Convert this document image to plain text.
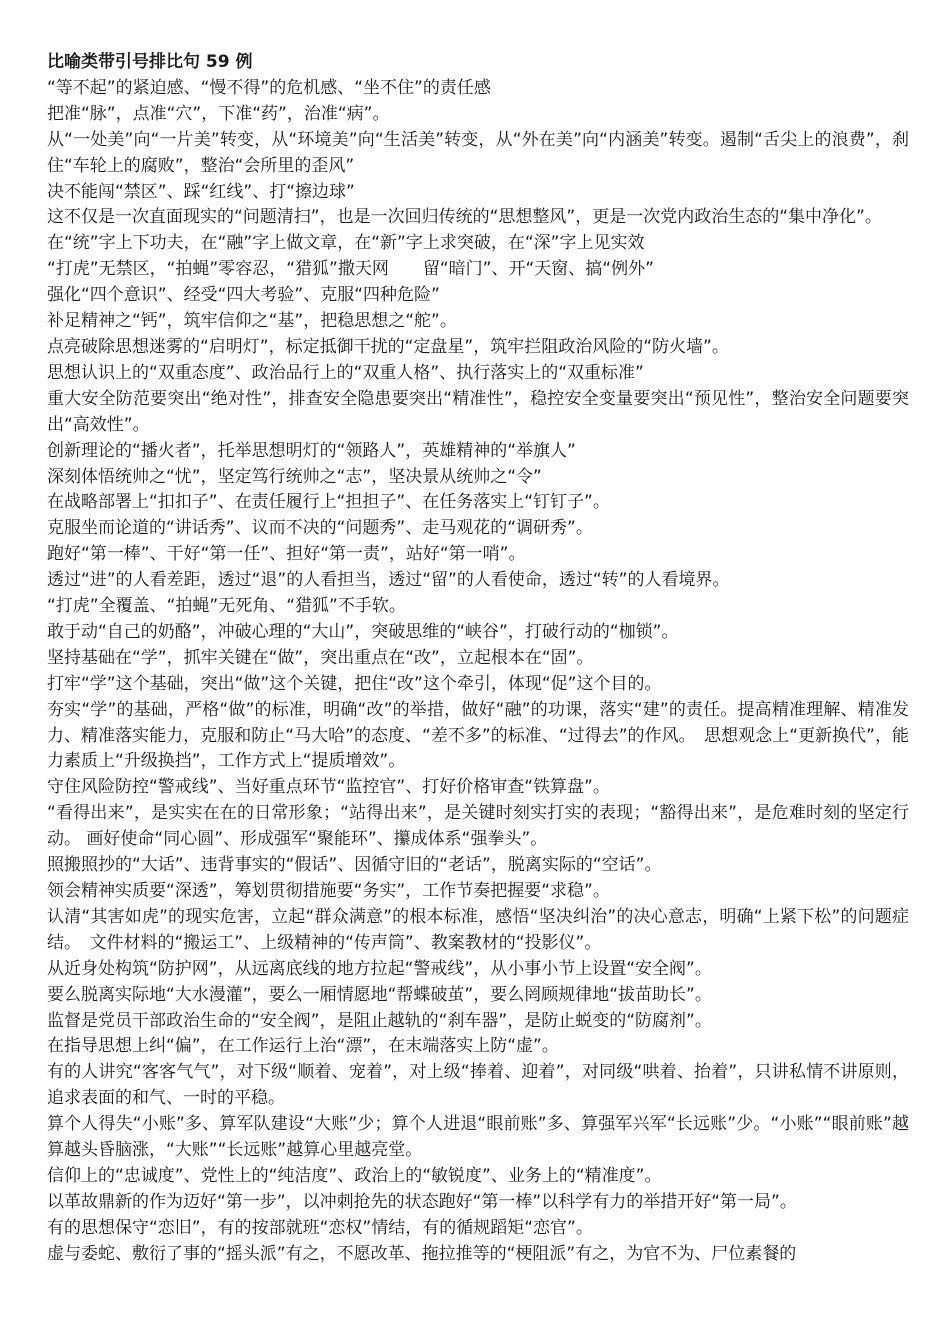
比喻类带引号排比句 59 例

“等不起”的紧迫感、“慢不得”的危机感、“坐不住”的责任感

把准“脉”，点准“穴”，下准“药”，治准“病”。

从“一处美”向“一片美”转变，从“环境美”向“生活美”转变，从“外在美”向“内涵美”转变。遏制“舌尖上的浪费”，刹住“车轮上的腐败”，整治“会所里的歪风”

决不能闯“禁区”、踩“红线”、打“擦边球”

这不仅是一次直面现实的“问题清扫”，也是一次回归传统的“思想整风”，更是一次党内政治生态的“集中净化”。

在“统”字上下功夫，在“融”字上做文章，在“新”字上求突破，在“深”字上见实效

“打虎”无禁区，“拍蝇”零容忍，“猎狐”撒天网　　留“暗门”、开“天窗、搞“例外”

强化“四个意识”、经受“四大考验”、克服“四种危险”

补足精神之“钙”，筑牢信仰之“基”，把稳思想之“舵”。

点亮破除思想迷雾的“启明灯”，标定抵御干扰的“定盘星”，筑牢拦阻政治风险的“防火墙”。

思想认识上的“双重态度”、政治品行上的“双重人格”、执行落实上的“双重标准”

重大安全防范要突出“绝对性”，排查安全隐患要突出“精准性”，稳控安全变量要突出“预见性”，整治安全问题要突出“高效性”。

创新理论的“播火者”，托举思想明灯的“领路人”，英雄精神的“举旗人”

深刻体悟统帅之“忧”，坚定笃行统帅之“志”，坚决景从统帅之“令”

在战略部署上“扣扣子”、在责任履行上“担担子”、在任务落实上“钉钉子”。

克服坐而论道的“讲话秀”、议而不决的“问题秀”、走马观花的“调研秀”。

跑好“第一棒”、干好“第一任”、担好“第一责”，站好“第一哨”。

透过“进”的人看差距，透过“退”的人看担当，透过“留”的人看使命，透过“转”的人看境界。

“打虎”全覆盖、“拍蝇”无死角、“猎狐”不手软。

敢于动“自己的奶酪”，冲破心理的“大山”，突破思维的“峡谷”，打破行动的“枷锁”。

坚持基础在“学”，抓牢关键在“做”，突出重点在“改”，立起根本在“固”。

打牢“学”这个基础，突出“做”这个关键，把住“改”这个牵引，体现“促”这个目的。

夯实“学”的基础，严格“做”的标准，明确“改”的举措，做好“融”的功课，落实“建”的责任。提高精准理解、精准发力、精准落实能力，克服和防止“马大哈”的态度、“差不多”的标准、“过得去”的作风。　思想观念上“更新换代”，能力素质上“升级换挡”，工作方式上“提质增效”。

守住风险防控“警戒线”、当好重点环节“监控官”、打好价格审查“铁算盘”。

“看得出来”，是实实在在的日常形象；“站得出来”，是关键时刻实打实的表现；“豁得出来”，是危难时刻的坚定行动。 画好使命“同心圆”、形成强军“聚能环”、攥成体系“强拳头”。

照搬照抄的“大话”、违背事实的“假话”、因循守旧的“老话”，脱离实际的“空话”。

领会精神实质要“深透”，筹划贯彻措施要“务实”，工作节奏把握要“求稳”。

认清“其害如虎”的现实危害，立起“群众满意”的根本标准，感悟“坚决纠治”的决心意志，明确“上紧下松”的问题症结。　文件材料的“搬运工”、上级精神的“传声筒”、教案教材的“投影仪”。

从近身处构筑“防护网”，从远离底线的地方拉起“警戒线”，从小事小节上设置“安全阀”。

要么脱离实际地“大水漫灌”，要么一厢情愿地“帮蝶破茧”，要么罔顾规律地“拔苗助长”。

监督是党员干部政治生命的“安全阀”，是阻止越轨的“刹车器”，是防止蜕变的“防腐剂”。

在指导思想上纠“偏”，在工作运行上治“漂”，在末端落实上防“虚”。

有的人讲究“客客气气”，对下级“顺着、宠着”，对上级“捧着、迎着”，对同级“哄着、抬着”，只讲私情不讲原则，追求表面的和气、一时的平稳。

算个人得失“小账”多、算军队建设“大账”少；算个人进退“眼前账”多、算强军兴军“长远账”少。“小账”“眼前账”越算越头昏脑涨，“大账”“长远账”越算心里越亮堂。

信仰上的“忠诚度”、党性上的“纯洁度”、政治上的“敏锐度”、业务上的“精准度”。

以革故鼎新的作为迈好“第一步”，以冲刺抢先的状态跑好“第一棒”以科学有力的举措开好“第一局”。

有的思想保守“恋旧”，有的按部就班“恋权”情结，有的循规蹈矩“恋官”。

虚与委蛇、敷衍了事的“摇头派”有之，不愿改革、拖拉推等的“梗阻派”有之，为官不为、尸位素餐的
